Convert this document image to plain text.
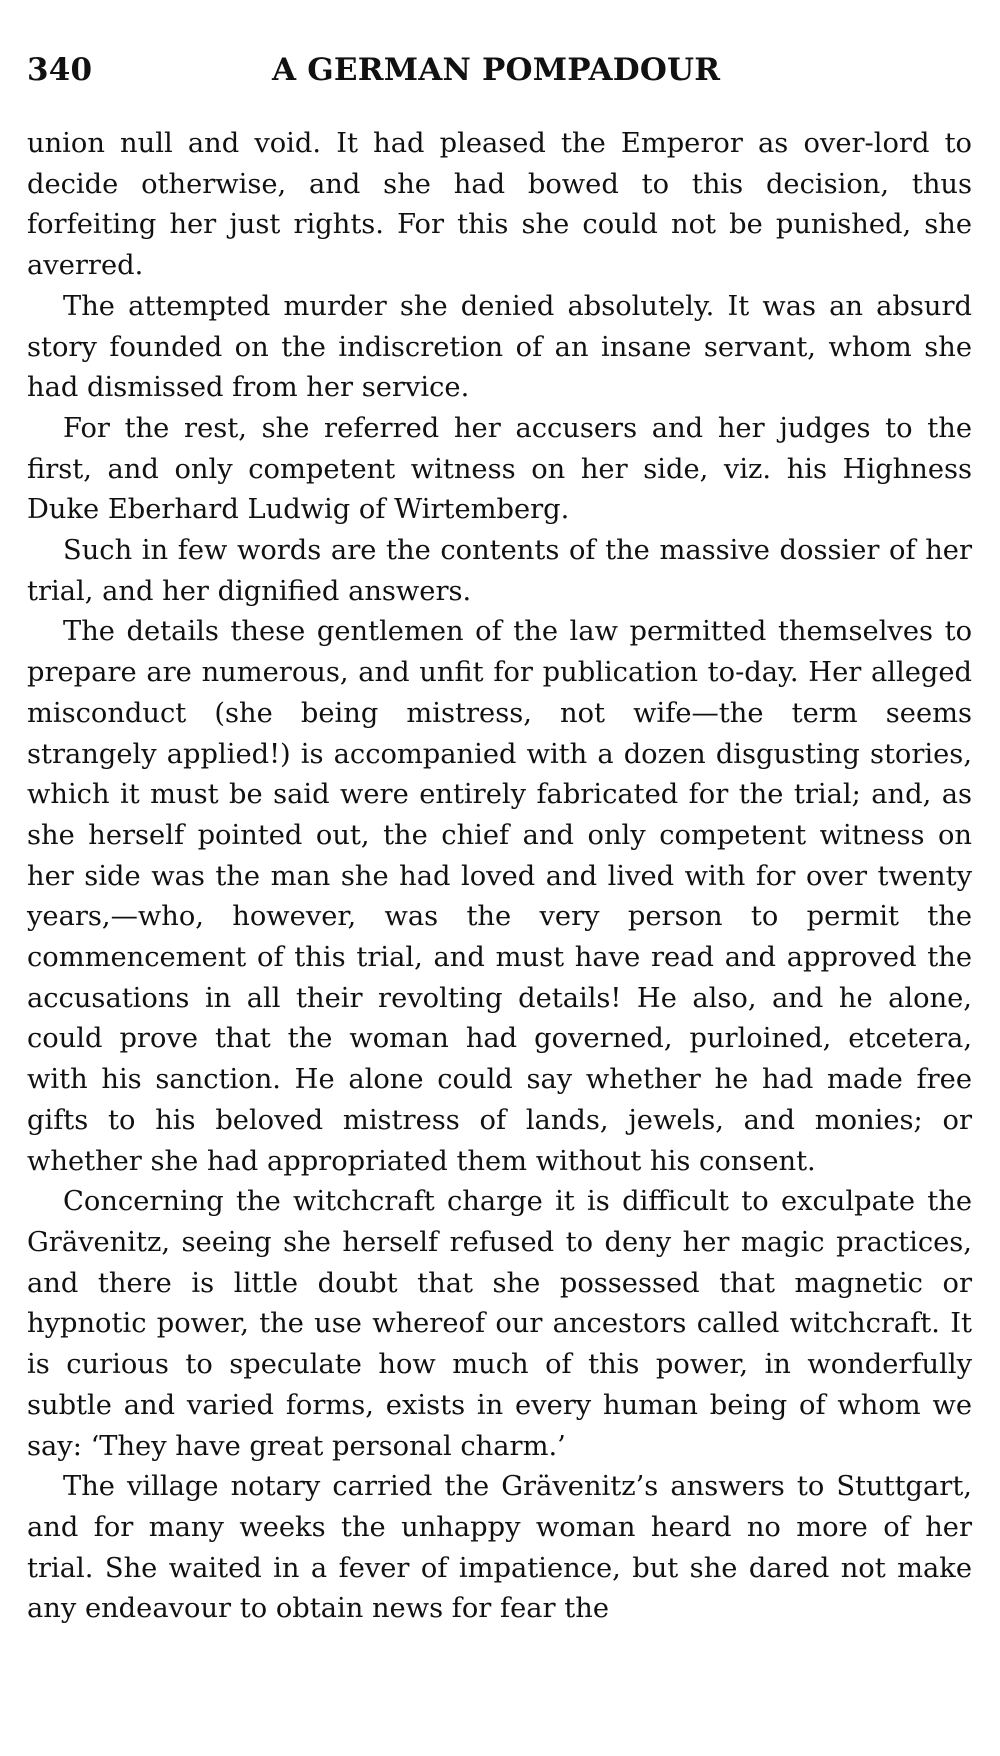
340	A GERMAN POMPADOUR

union null and void. It had pleased the Emperor as over-lord to decide otherwise, and she had bowed to this decision, thus forfeiting her just rights. For this she could not be punished, she averred.

The attempted murder she denied absolutely. It was an absurd story founded on the indiscretion of an insane servant, whom she had dismissed from her service.

For the rest, she referred her accusers and her judges to the first, and only competent witness on her side, viz. his Highness Duke Eberhard Ludwig of Wirtemberg.

Such in few words are the contents of the massive dossier of her trial, and her dignified answers.

The details these gentlemen of the law permitted themselves to prepare are numerous, and unfit for publication to-day. Her alleged misconduct (she being mistress, not wife—the term seems strangely applied!) is accompanied with a dozen disgusting stories, which it must be said were entirely fabricated for the trial; and, as she herself pointed out, the chief and only competent witness on her side was the man she had loved and lived with for over twenty years,—who, however, was the very person to permit the commencement of this trial, and must have read and approved the accusations in all their revolting details! He also, and he alone, could prove that the woman had governed, purloined, etcetera, with his sanction. He alone could say whether he had made free gifts to his beloved mistress of lands, jewels, and monies; or whether she had appropriated them without his consent.

Concerning the witchcraft charge it is difficult to exculpate the Grävenitz, seeing she herself refused to deny her magic practices, and there is little doubt that she possessed that magnetic or hypnotic power, the use whereof our ancestors called witchcraft. It is curious to speculate how much of this power, in wonderfully subtle and varied forms, exists in every human being of whom we say: ‘They have great personal charm.’

The village notary carried the Grävenitz’s answers to Stuttgart, and for many weeks the unhappy woman heard no more of her trial. She waited in a fever of impatience, but she dared not make any endeavour to obtain news for fear the
